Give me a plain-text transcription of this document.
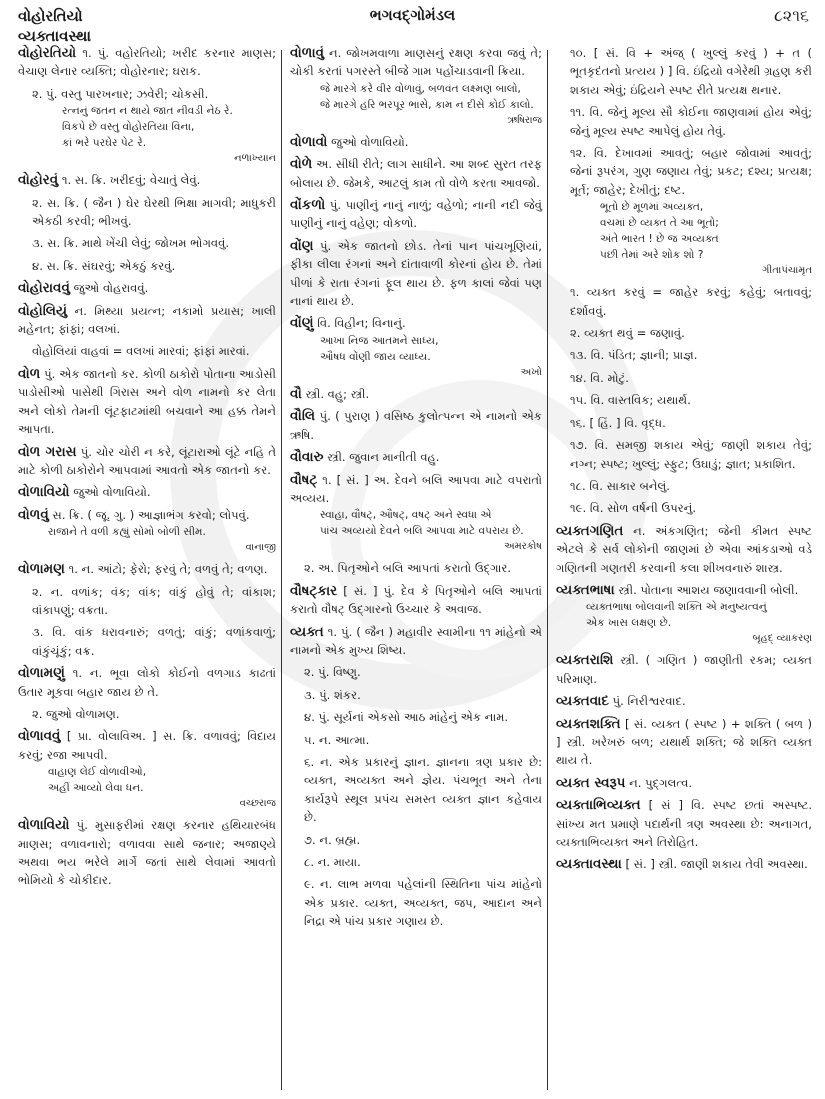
વોહોરતિયો
વ્યક્તાવસ્થા
ભગવદ્ગોમંડલ	૮૨૧૬
વોહોરતિયો ૧. પું. વહોરતિયો; ખરીદ કરનાર માણસ; વેચાણ લેનાર વ્યક્તિ; વોહોરનાર; ઘરાક.
૨. પું. વસ્તુ પારખનાર; ઝવેરી; ચોકસી.
રત્નનું જતન ન થાયે જાત નીવડી નેઠ રે.
વિકપે છે વસ્તુ વોહોરતિયા વિના,
કાં ભરે પરઘેર પેટ રે.
નળાખ્યાન
વોહોરવું ૧. સ. ક્રિ. ખરીદવું; વેચાતું લેવું.
૨. સ. ક્રિ. ( જૈન ) ઘેર ઘેરથી ભિક્ષા માગવી; માધુકરી એકઠી કરવી; ભીખવું.
૩. સ. ક્રિ. માથે ખેંચી લેવું; જોખમ ભોગવવું.
૪. સ. ક્રિ. સંઘરવું; એકઠું કરવું.
વોહોરાવવું જુઓ વોહરાવવું.
વોહોલિયું ન. મિથ્યા પ્રયત્ન; નકામો પ્રયાસ; ખાલી મહેનત; ફાંફાં; વલખાં.
વોહોલિયાં વાહવાં = વલખાં મારવાં; ફાંફાં મારવાં.
વોળ પું. એક જાતનો કર. કોળી ઠાકોરો પોતાના આડોસી પાડોસીઓ પાસેથી ગિરાસ અને વોળ નામનો કર લેતા અને લોકો તેમની લૂંટફાટમાંથી બચવાને આ હક્ક તેમને આપતા.
વોળ ગરાસ પું. ચોર ચોરી ન કરે, લૂંટારાઓ લૂંટે નહિ તે માટે કોળી ઠાકોરોને આપવામાં આવતો એક જાતનો કર.
વોળાવિયો જુઓ વોળાવિયો.
વોળવું સ. ક્રિ. ( જૂ. ગુ. ) આજ્ઞાભંગ કરવો; લોપવું.
રાજાને તે વળી કહ્યું સોમો બોળી સીમ.
વાનાજી
વોળામણ ૧. ન. આંટો; ફેરો; ફરવું તે; વળવું તે; વળણ.
૨. ન. વળાંક; વંક; વાંક; વાંકું હોવું તે; વાંકાશ; વાંકાપણું; વક્રતા.
૩. વિ. વાંક ધરાવનારું; વળતું; વાંકું; વળાંકવાળું; વાંકુંચૂંકું; વક્ર.
વોળામણું ૧. ન. ભૂવા લોકો કોઈનો વળગાડ કાઢતાં ઉતાર મૂકવા બહાર જાય છે તે.
૨. જુઓ વોળામણ.
વોળાવવું [ પ્રા. વોલાવિઅ. ] સ. ક્રિ. વળાવવું; વિદાય કરવું; રજા આપવી.
વાહાણ લેઈ વોળાવીઓ,
અહીં આવ્યો લેવા ધન.
વચ્છરાજ
વોળાવિયો પું. મુસાફરીમાં રક્ષણ કરનાર હથિયારબંધ માણસ; વળાવનારો; વળાવવા સાથે જનાર; અજાણ્યે અથવા ભય ભરેલે માર્ગે જતાં સાથે લેવામાં આવતો ભોમિયો કે ચોકીદાર.
વોળાવું ન. જોખમવાળા માણસનું રક્ષણ કરવા જવું તે; ચોકી કરતાં પગરસ્તે બીજે ગામ પહોંચાડવાની ક્રિયા.
જે મારગે કરે વીર વોળાવું, બળવંત લક્ષ્મણ બાલો,
જે મારગે હરિ ભરપૂર ભાસે, કામ ન દીસે કોઈ કાલો.
ઋષિરાજ
વોળાવો જુઓ વોળાવિયો.
વોળે અ. સીધી રીતે; લાગ સાધીને. આ શબ્દ સુરત તરફ બોલાય છે. જેમકે, આટલું કામ તો વોળે કરતા આવજો.
વોંકળો પું. પાણીનું નાનું નાળું; વહેળો; નાની નદી જેવું પાણીનું નાનું વહેણ; વોકળો.
વોંણ પું. એક જાતનો છોડ. તેનાં પાન પાંચખૂણિયાં, ફીકા લીલા રંગનાં અને દાંતાવાળી કોરનાં હોય છે. તેમાં પીળાં કે રાતા રંગનાં ફૂલ થાય છે. ફળ કાલાં જેવાં પણ નાનાં થાય છે.
વોંણું વિ. વિહીન; વિનાનું.
આખા નિજ આતમને સાધ્ય,
ઔષધ વોંણી જાય વ્યાધ્ય.
અખો
વૌ સ્ત્રી. વહુ; સ્ત્રી.
વૌલિ પું. ( પુરાણ ) વસિષ્ઠ કુલોત્પન્ન એ નામનો એક ઋષિ.
વૌવારુ સ્ત્રી. જુવાન માનીતી વહુ.
વૌષટ્ ૧. [ સં. ] અ. દેવને બલિ આપવા માટે વપરાતો અવ્યય.
સ્વાહા, વૌષટ્, ઔષટ્, વષટ્ અને સ્વધા એ
પાંચ અવ્યયો દેવને બલિ આપવા માટે વપરાય છે.
અમરકોષ
૨. અ. પિતૃઓને બલિ આપતાં કરાતો ઉદ્ગાર.
વૌષટ્કાર [ સં. ] પું. દેવ કે પિતૃઓને બલિ આપતાં કરાતો વૌષટ્ ઉદ્ગારનો ઉચ્ચાર કે અવાજ.
વ્યક્ત ૧. પું. ( જૈન ) મહાવીર સ્વામીના ૧૧ માંહેનો એ નામનો એક મુખ્ય શિષ્ય.
૨. પું. વિષ્ણુ.
૩. પું. શંકર.
૪. પું. સૂર્યનાં એકસો આઠ માંહેનું એક નામ.
૫. ન. આત્મા.
૬. ન. એક પ્રકારનું જ્ઞાન. જ્ઞાનના ત્રણ પ્રકાર છે: વ્યક્ત, અવ્યક્ત અને જ્ઞેય. પંચભૂત અને તેના કાર્યરૂપે સ્થૂલ પ્રપંચ સમસ્ત વ્યક્ત જ્ઞાન કહેવાય છે.
૭. ન. બ્રહ્મ.
૮. ન. માયા.
૯. ન. લાભ મળવા પહેલાંની સ્થિતિના પાંચ માંહેનો એક પ્રકાર. વ્યક્ત, અવ્યક્ત, જપ, આદાન અને નિદ્રા એ પાંચ પ્રકાર ગણાય છે.
૧૦. [ સં. વિ + અંજ્ ( ખુલ્લું કરવું ) + ત ( ભૂતકૃદંતનો પ્રત્યય ) ] વિ. ઇંદ્રિયો વગેરેથી ગ્રહણ કરી શકાય એવું; ઇંદ્રિયને સ્પષ્ટ રીતે પ્રત્યક્ષ થનાર.
૧૧. વિ. જેનું મૂલ્ય સૌ કોઈના જાણવામાં હોય એવું; જેનું મૂલ્ય સ્પષ્ટ આપેલું હોય તેવું.
૧૨. વિ. દેખાવમાં આવતું; બહાર જોવામાં આવતું; જેનાં રૂપરંગ, ગુણ જણાય તેવું; પ્રકટ; દશ્ય; પ્રત્યક્ષ; મૂર્ત; જાહેર; દેખીતું; દષ્ટ.
ભૂતો છે મૂળમાં અવ્યક્ત,
વચમાં છે વ્યક્ત તે આ ભૂતો;
અંતે ભારત ! છે જ અવ્યક્ત
પછી તેમાં અરે શોક શો ?
ગીતાપંચામૃત
૧. વ્યક્ત કરવું = જાહેર કરવું; કહેવું; બતાવવું; દર્શાવવું.
૨. વ્યક્ત થવું = જણાવું.
૧૩. વિ. પંડિત; જ્ઞાની; પ્રાજ્ઞ.
૧૪. વિ. મોટું.
૧૫. વિ. વાસ્તવિક; યથાર્થ.
૧૬. [ હિં. ] વિ. વૃદ્ધ.
૧૭. વિ. સમજી શકાય એવું; જાણી શકાય તેવું; નગ્ન; સ્પષ્ટ; ખુલ્લું; સ્ફુટ; ઉઘાડું; જ્ઞાત; પ્રકાશિત.
૧૮. વિ. સાકાર બનેલું.
૧૯. વિ. સોળ વર્ષની ઉપરનું.
વ્યક્તગણિત ન. અંકગણિત; જેની કીમત સ્પષ્ટ એટલે કે સર્વ લોકોની જાણમાં છે એવા આંકડાઓ વડે ગણિતની ગણતરી કરવાની કલા શીખવનારું શાસ્ત્ર.
વ્યક્તભાષા સ્ત્રી. પોતાના આશય જણાવવાની બોલી.
વ્યક્તભાષા બોલવાની શક્તિ એ મનુષ્યત્વનું
એક ખાસ લક્ષણ છે.
બૃહદ્ વ્યાકરણ
વ્યક્તરાશિ સ્ત્રી. ( ગણિત ) જાણીતી રકમ; વ્યક્ત પરિમાણ.
વ્યક્તવાદ પું. નિરીશ્વરવાદ.
વ્યક્તશક્તિ [ સં. વ્યક્ત ( સ્પષ્ટ ) + શક્તિ ( બળ ) ] સ્ત્રી. ખરેખરું બળ; યથાર્થ શક્તિ; જે શક્તિ વ્યક્ત થાય તે.
વ્યક્ત સ્વરૂપ ન. પુદ્ગલત્વ.
વ્યક્તાભિવ્યક્ત [ સં ] વિ. સ્પષ્ટ છતાં અસ્પષ્ટ. સાંખ્ય મત પ્રમાણે પદાર્થની ત્રણ અવસ્થા છે: અનાગત, વ્યક્તાભિવ્યક્ત અને તિરોહિત.
વ્યક્તાવસ્થા [ સં. ] સ્ત્રી. જાણી શકાય તેવી અવસ્થા.
